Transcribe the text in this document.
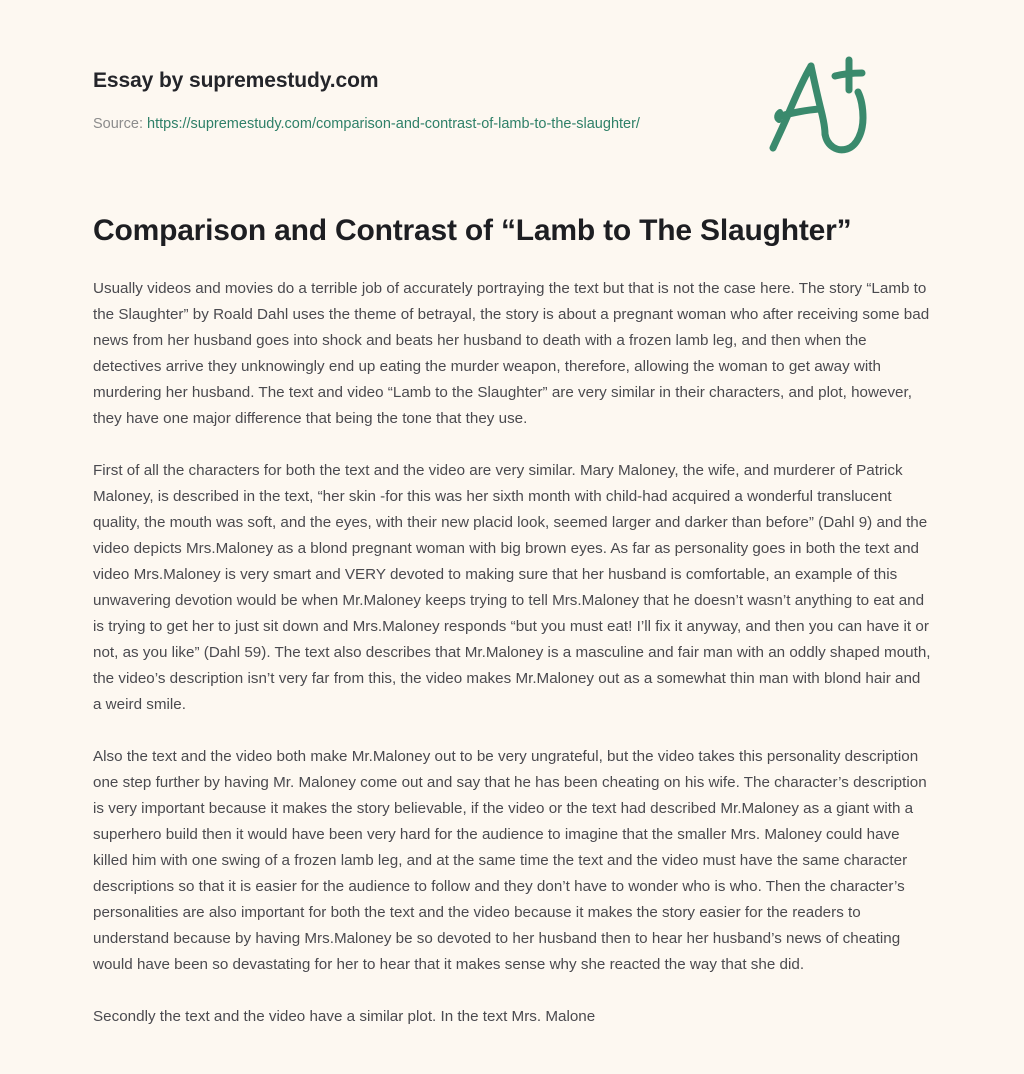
Essay by supremestudy.com
Source: https://supremestudy.com/comparison-and-contrast-of-lamb-to-the-slaughter/
Comparison and Contrast of “Lamb to The Slaughter”

Usually videos and movies do a terrible job of accurately portraying the text but that is not the case here. The story “Lamb to the Slaughter” by Roald Dahl uses the theme of betrayal, the story is about a pregnant woman who after receiving some bad news from her husband goes into shock and beats her husband to death with a frozen lamb leg, and then when the detectives arrive they unknowingly end up eating the murder weapon, therefore, allowing the woman to get away with murdering her husband. The text and video “Lamb to the Slaughter” are very similar in their characters, and plot, however, they have one major difference that being the tone that they use.

First of all the characters for both the text and the video are very similar. Mary Maloney, the wife, and murderer of Patrick Maloney, is described in the text, “her skin -for this was her sixth month with child-had acquired a wonderful translucent quality, the mouth was soft, and the eyes, with their new placid look, seemed larger and darker than before” (Dahl 9) and the video depicts Mrs.Maloney as a blond pregnant woman with big brown eyes. As far as personality goes in both the text and video Mrs.Maloney is very smart and VERY devoted to making sure that her husband is comfortable, an example of this unwavering devotion would be when Mr.Maloney keeps trying to tell Mrs.Maloney that he doesn’t wasn’t anything to eat and is trying to get her to just sit down and Mrs.Maloney responds “but you must eat! I’ll fix it anyway, and then you can have it or not, as you like” (Dahl 59). The text also describes that Mr.Maloney is a masculine and fair man with an oddly shaped mouth, the video’s description isn’t very far from this, the video makes Mr.Maloney out as a somewhat thin man with blond hair and a weird smile.

Also the text and the video both make Mr.Maloney out to be very ungrateful, but the video takes this personality description one step further by having Mr. Maloney come out and say that he has been cheating on his wife. The character’s description is very important because it makes the story believable, if the video or the text had described Mr.Maloney as a giant with a superhero build then it would have been very hard for the audience to imagine that the smaller Mrs. Maloney could have killed him with one swing of a frozen lamb leg, and at the same time the text and the video must have the same character descriptions so that it is easier for the audience to follow and they don’t have to wonder who is who. Then the character’s personalities are also important for both the text and the video because it makes the story easier for the readers to understand because by having Mrs.Maloney be so devoted to her husband then to hear her husband’s news of cheating would have been so devastating for her to hear that it makes sense why she reacted the way that she did.

Secondly the text and the video have a similar plot. In the text Mrs. Malone
